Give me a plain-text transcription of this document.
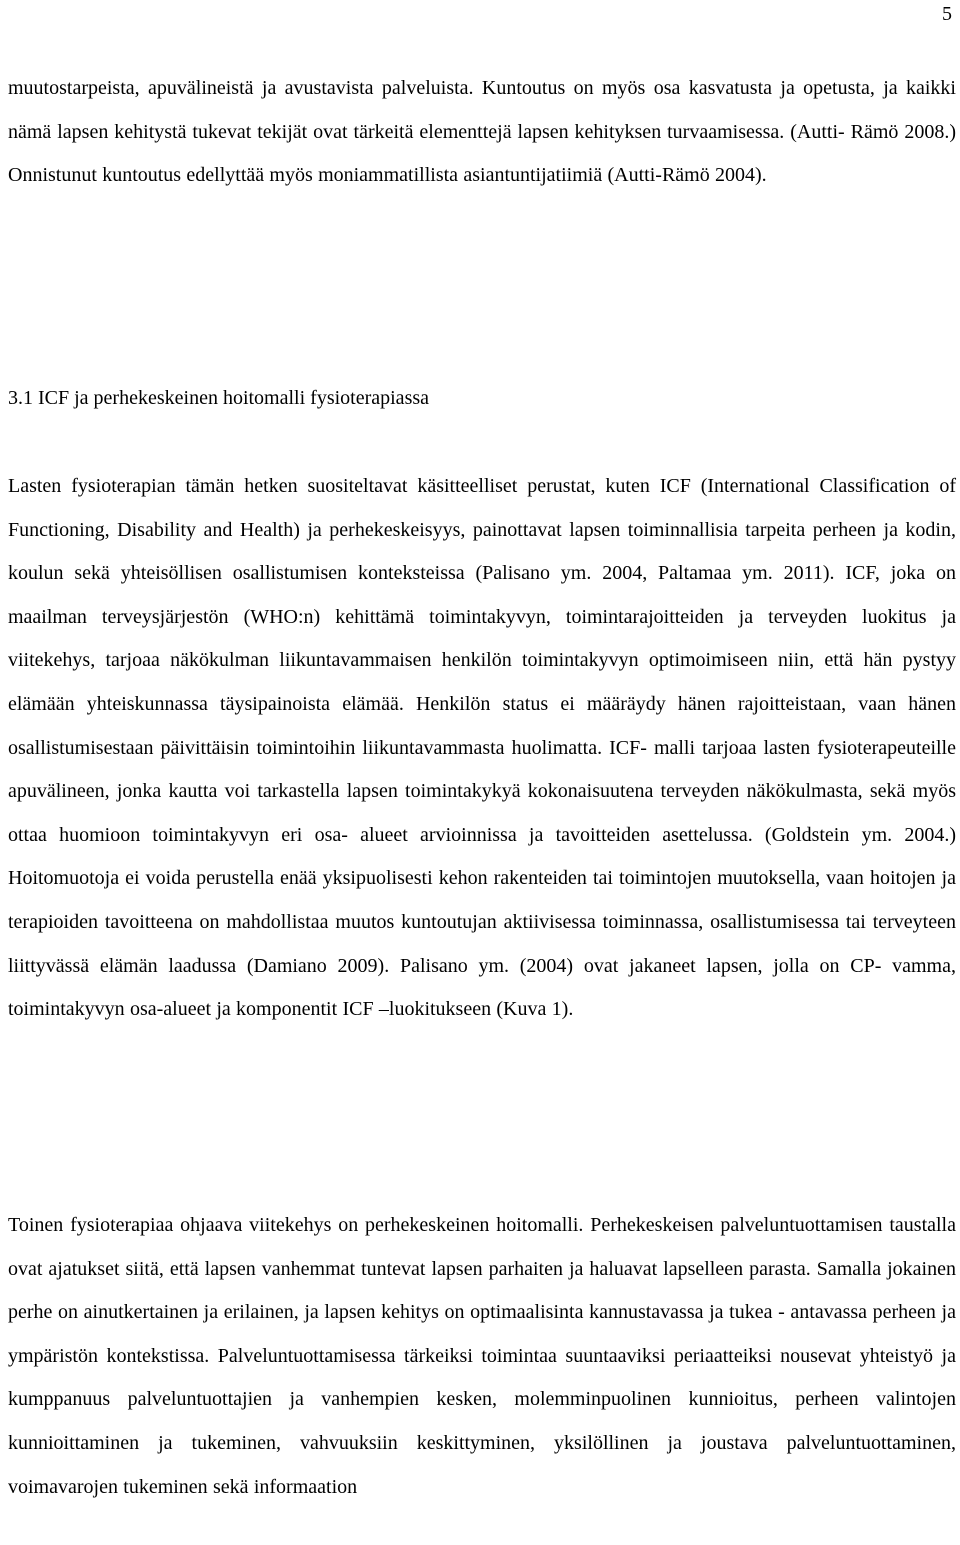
5

muutostarpeista, apuvälineistä ja avustavista palveluista. Kuntoutus on myös osa kasvatusta ja opetusta, ja kaikki nämä lapsen kehitystä tukevat tekijät ovat tärkeitä elementtejä lapsen kehityksen turvaamisessa. (Autti- Rämö 2008.) Onnistunut kuntoutus edellyttää myös moniammatillista asiantuntijatiimiä (Autti-Rämö 2004).

3.1 ICF ja perhekeskeinen hoitomalli fysioterapiassa

Lasten fysioterapian tämän hetken suositeltavat käsitteelliset perustat, kuten ICF (International Classification of Functioning, Disability and Health) ja perhekeskeisyys, painottavat lapsen toiminnallisia tarpeita perheen ja kodin, koulun sekä yhteisöllisen osallistumisen konteksteissa (Palisano ym. 2004, Paltamaa ym. 2011). ICF, joka on maailman terveysjärjestön (WHO:n) kehittämä toimintakyvyn, toimintarajoitteiden ja terveyden luokitus ja viitekehys, tarjoaa näkökulman liikuntavammaisen henkilön toimintakyvyn optimoimiseen niin, että hän pystyy elämään yhteiskunnassa täysipainoista elämää. Henkilön status ei määräydy hänen rajoitteistaan, vaan hänen osallistumisestaan päivittäisin toimintoihin liikuntavammasta huolimatta. ICF- malli tarjoaa lasten fysioterapeuteille apuvälineen, jonka kautta voi tarkastella lapsen toimintakykyä kokonaisuutena terveyden näkökulmasta, sekä myös ottaa huomioon toimintakyvyn eri osa- alueet arvioinnissa ja tavoitteiden asettelussa. (Goldstein ym. 2004.) Hoitomuotoja ei voida perustella enää yksipuolisesti kehon rakenteiden tai toimintojen muutoksella, vaan hoitojen ja terapioiden tavoitteena on mahdollistaa muutos kuntoutujan aktiivisessa toiminnassa, osallistumisessa tai terveyteen liittyvässä elämän laadussa (Damiano 2009). Palisano ym. (2004) ovat jakaneet lapsen, jolla on CP- vamma, toimintakyvyn osa-alueet ja komponentit ICF –luokitukseen (Kuva 1).

Toinen fysioterapiaa ohjaava viitekehys on perhekeskeinen hoitomalli. Perhekeskeisen palveluntuottamisen taustalla ovat ajatukset siitä, että lapsen vanhemmat tuntevat lapsen parhaiten ja haluavat lapselleen parasta. Samalla jokainen perhe on ainutkertainen ja erilainen, ja lapsen kehitys on optimaalisinta kannustavassa ja tukea - antavassa perheen ja ympäristön kontekstissa. Palveluntuottamisessa tärkeiksi toimintaa suuntaaviksi periaatteiksi nousevat yhteistyö ja kumppanuus palveluntuottajien ja vanhempien kesken, molemminpuolinen kunnioitus, perheen valintojen kunnioittaminen ja tukeminen, vahvuuksiin keskittyminen, yksilöllinen ja joustava palveluntuottaminen, voimavarojen tukeminen sekä informaation
